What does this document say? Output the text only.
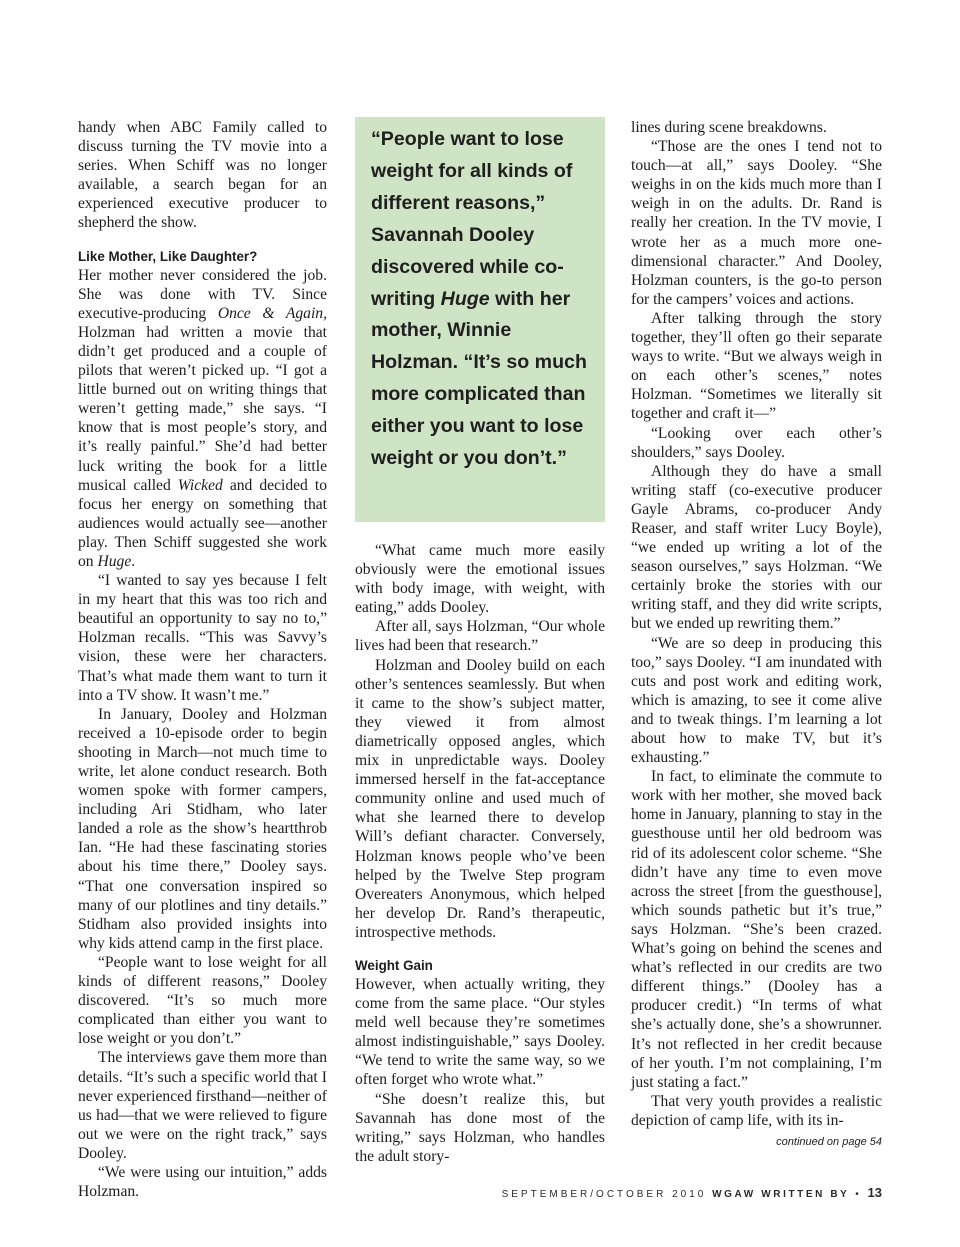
handy when ABC Family called to discuss turning the TV movie into a series. When Schiff was no longer available, a search began for an experienced executive producer to shepherd the show.

Like Mother, Like Daughter?

Her mother never considered the job. She was done with TV. Since executive-producing Once & Again, Holzman had written a movie that didn’t get produced and a couple of pilots that weren’t picked up. “I got a little burned out on writing things that weren’t getting made,” she says. “I know that is most people’s story, and it’s really painful.” She’d had better luck writing the book for a little musical called Wicked and decided to focus her energy on something that audiences would actually see—another play. Then Schiff suggested she work on Huge.

“I wanted to say yes because I felt in my heart that this was too rich and beautiful an opportunity to say no to,” Holzman recalls. “This was Savvy’s vision, these were her characters. That’s what made them want to turn it into a TV show. It wasn’t me.”

In January, Dooley and Holzman received a 10-episode order to begin shooting in March—not much time to write, let alone conduct research. Both women spoke with former campers, including Ari Stidham, who later landed a role as the show’s heartthrob Ian. “He had these fascinating stories about his time there,” Dooley says. “That one conversation inspired so many of our plotlines and tiny details.” Stidham also provided insights into why kids attend camp in the first place.

“People want to lose weight for all kinds of different reasons,” Dooley discovered. “It’s so much more complicated than either you want to lose weight or you don’t.”

The interviews gave them more than details. “It’s such a specific world that I never experienced firsthand—neither of us had—that we were relieved to figure out we were on the right track,” says Dooley.

“We were using our intuition,” adds Holzman.

“People want to lose weight for all kinds of different reasons,” Savannah Dooley discovered while co-writing Huge with her mother, Winnie Holzman. “It’s so much more complicated than either you want to lose weight or you don’t.”

“What came much more easily obviously were the emotional issues with body image, with weight, with eating,” adds Dooley.

After all, says Holzman, “Our whole lives had been that research.”

Holzman and Dooley build on each other’s sentences seamlessly. But when it came to the show’s subject matter, they viewed it from almost diametrically opposed angles, which mix in unpredictable ways. Dooley immersed herself in the fat-acceptance community online and used much of what she learned there to develop Will’s defiant character. Conversely, Holzman knows people who’ve been helped by the Twelve Step program Overeaters Anonymous, which helped her develop Dr. Rand’s therapeutic, introspective methods.

Weight Gain

However, when actually writing, they come from the same place. “Our styles meld well because they’re sometimes almost indistinguishable,” says Dooley. “We tend to write the same way, so we often forget who wrote what.”

“She doesn’t realize this, but Savannah has done most of the writing,” says Holzman, who handles the adult story-

lines during scene breakdowns.

“Those are the ones I tend not to touch—at all,” says Dooley. “She weighs in on the kids much more than I weigh in on the adults. Dr. Rand is really her creation. In the TV movie, I wrote her as a much more one-dimensional character.” And Dooley, Holzman counters, is the go-to person for the campers’ voices and actions.

After talking through the story together, they’ll often go their separate ways to write. “But we always weigh in on each other’s scenes,” notes Holzman. “Sometimes we literally sit together and craft it—”

“Looking over each other’s shoulders,” says Dooley.

Although they do have a small writing staff (co-executive producer Gayle Abrams, co-producer Andy Reaser, and staff writer Lucy Boyle), “we ended up writing a lot of the season ourselves,” says Holzman. “We certainly broke the stories with our writing staff, and they did write scripts, but we ended up rewriting them.”

“We are so deep in producing this too,” says Dooley. “I am inundated with cuts and post work and editing work, which is amazing, to see it come alive and to tweak things. I’m learning a lot about how to make TV, but it’s exhausting.”

In fact, to eliminate the commute to work with her mother, she moved back home in January, planning to stay in the guesthouse until her old bedroom was rid of its adolescent color scheme. “She didn’t have any time to even move across the street [from the guesthouse], which sounds pathetic but it’s true,” says Holzman. “She’s been crazed. What’s going on behind the scenes and what’s reflected in our credits are two different things.” (Dooley has a producer credit.) “In terms of what she’s actually done, she’s a showrunner. It’s not reflected in her credit because of her youth. I’m not complaining, I’m just stating a fact.”

That very youth provides a realistic depiction of camp life, with its in-

continued on page 54
SEPTEMBER/OCTOBER 2010 WGAW WRITTEN BY • 13
